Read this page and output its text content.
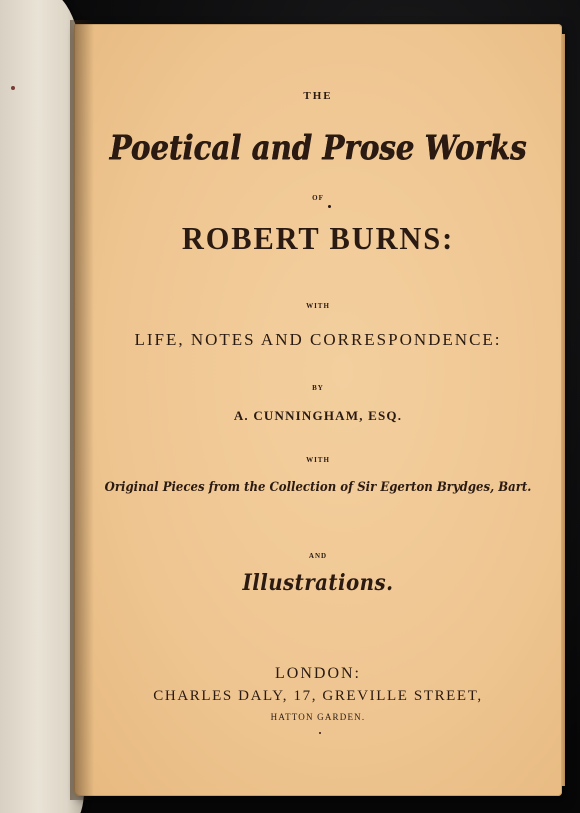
THE
Poetical and Prose Works
OF
ROBERT BURNS:
WITH
LIFE, NOTES AND CORRESPONDENCE:
BY
A. CUNNINGHAM, ESQ.
WITH
Original Pieces from the Collection of Sir Egerton Brydges, Bart.
AND
Illustrations.
LONDON:
CHARLES DALY, 17, GREVILLE STREET,
HATTON GARDEN.
